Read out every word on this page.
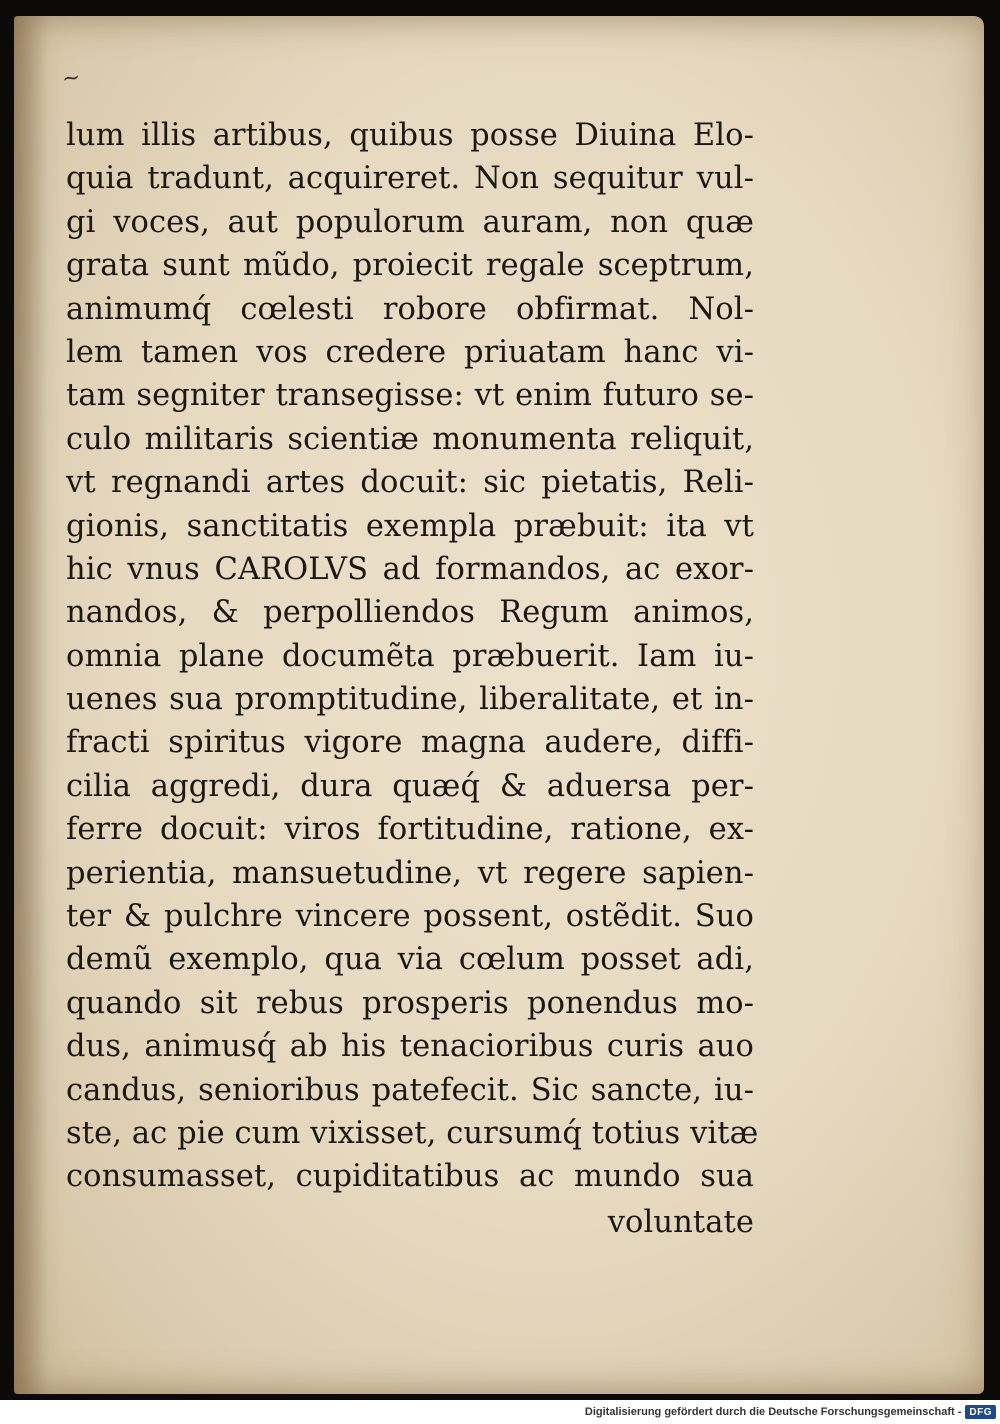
~
lum illis artibus, quibus posse Diuina Elo-
quia tradunt, acquireret. Non sequitur vul-
gi voces, aut populorum auram, non quæ
grata sunt mũdo, proiecit regale sceptrum,
animumq́ cœlesti robore obfirmat. Nol-
lem tamen vos credere priuatam hanc vi-
tam segniter transegisse: vt enim futuro se-
culo militaris scientiæ monumenta reliquit,
vt regnandi artes docuit: sic pietatis, Reli-
gionis, sanctitatis exempla præbuit: ita vt
hic vnus CAROLVS ad formandos, ac exor-
nandos, & perpolliendos Regum animos,
omnia plane documẽta præbuerit. Iam iu-
uenes sua promptitudine, liberalitate, et in-
fracti spiritus vigore magna audere, diffi-
cilia aggredi, dura quæq́ & aduersa per-
ferre docuit: viros fortitudine, ratione, ex-
perientia, mansuetudine, vt regere sapien-
ter & pulchre vincere possent, ostẽdit. Suo
demũ exemplo, qua via cœlum posset adi,
quando sit rebus prosperis ponendus mo-
dus, animusq́ ab his tenacioribus curis auo
candus, senioribus patefecit. Sic sancte, iu-
ste, ac pie cum vixisset, cursumq́ totius vitæ
consumasset, cupiditatibus ac mundo sua
voluntate
Digitalisierung gefördert durch die Deutsche Forschungsgemeinschaft - DFG
